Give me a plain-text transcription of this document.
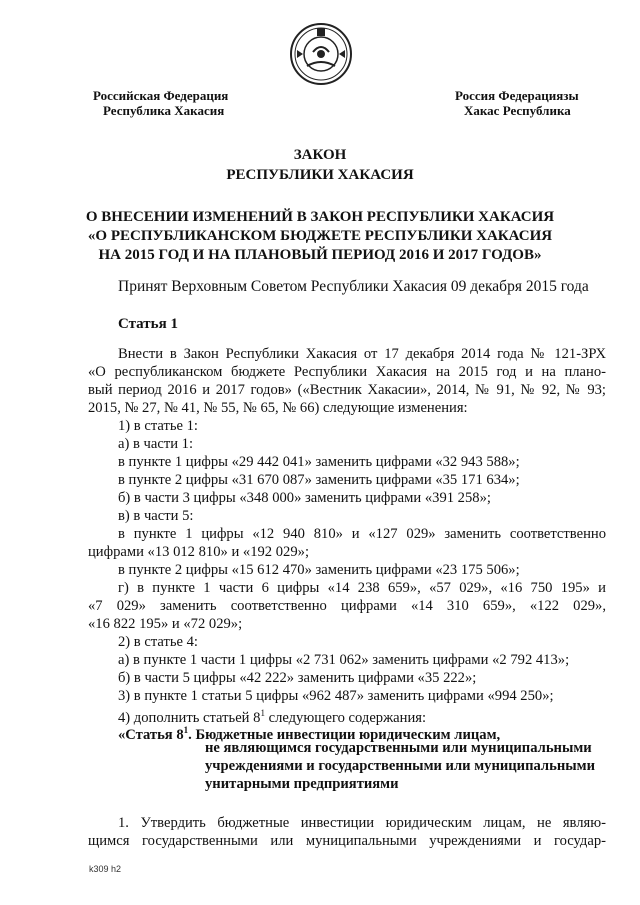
Российская Федерация
Республика Хакасия
Россия Федерациязы
Хакас Республика
ЗАКОН
РЕСПУБЛИКИ ХАКАСИЯ
О ВНЕСЕНИИ ИЗМЕНЕНИЙ В ЗАКОН РЕСПУБЛИКИ ХАКАСИЯ
«О РЕСПУБЛИКАНСКОМ БЮДЖЕТЕ РЕСПУБЛИКИ ХАКАСИЯ
НА 2015 ГОД И НА ПЛАНОВЫЙ ПЕРИОД 2016 И 2017 ГОДОВ»
Принят Верховным Советом Республики Хакасия 09 декабря 2015 года
Статья 1
Внести в Закон Республики Хакасия от 17 декабря 2014 года № 121-ЗРХ
«О республиканском бюджете Республики Хакасия на 2015 год и на плано-
вый период 2016 и 2017 годов» («Вестник Хакасии», 2014, № 91, № 92, № 93;
2015, № 27, № 41, № 55, № 65, № 66) следующие изменения:
1) в статье 1:
а) в части 1:
в пункте 1 цифры «29 442 041» заменить цифрами «32 943 588»;
в пункте 2 цифры «31 670 087» заменить цифрами «35 171 634»;
б) в части 3 цифры «348 000» заменить цифрами «391 258»;
в) в части 5:
в пункте 1 цифры «12 940 810» и «127 029» заменить соответственно
цифрами «13 012 810» и «192 029»;
в пункте 2 цифры «15 612 470» заменить цифрами «23 175 506»;
г) в пункте 1 части 6 цифры «14 238 659», «57 029», «16 750 195» и
«7 029» заменить соответственно цифрами «14 310 659», «122 029»,
«16 822 195» и «72 029»;
2) в статье 4:
а) в пункте 1 части 1 цифры «2 731 062» заменить цифрами «2 792 413»;
б) в части 5 цифры «42 222» заменить цифрами «35 222»;
3) в пункте 1 статьи 5 цифры «962 487» заменить цифрами «994 250»;
4) дополнить статьей $8^1$ следующего содержания:
«Статья $8^1$. Бюджетные инвестиции юридическим лицам,
не являющимся государственными или муниципальными
учреждениями и государственными или муниципальными
унитарными предприятиями
1. Утвердить бюджетные инвестиции юридическим лицам, не являю-
щимся государственными или муниципальными учреждениями и государ-
k309 h2
